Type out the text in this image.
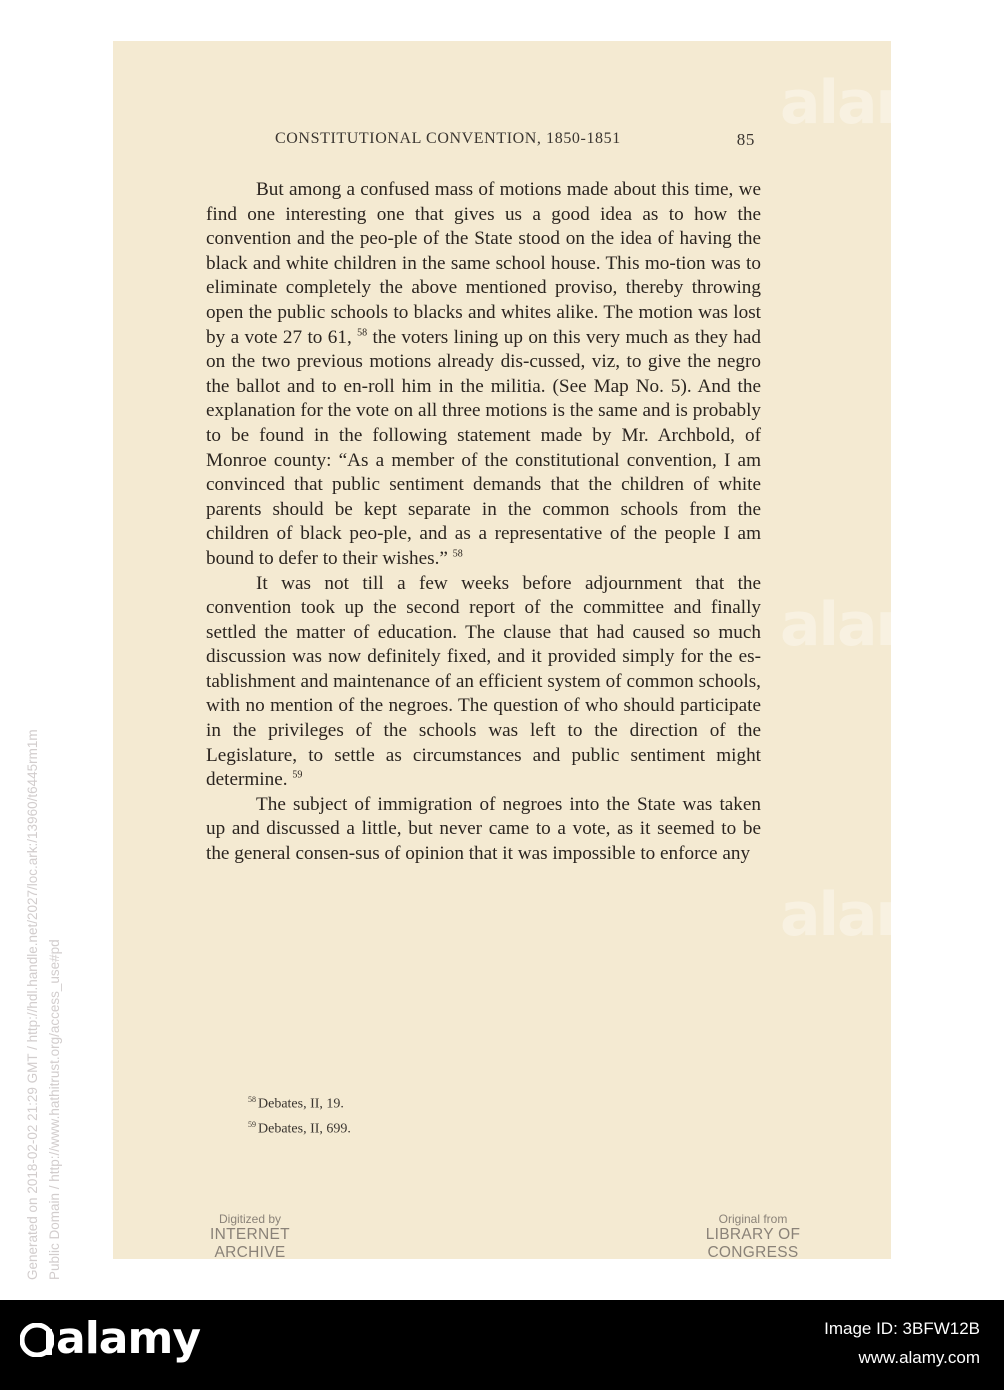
CONSTITUTIONAL CONVENTION, 1850-1851	85

But among a confused mass of motions made about this time, we find one interesting one that gives us a good idea as to how the convention and the peo-ple of the State stood on the idea of having the black and white children in the same school house. This mo-tion was to eliminate completely the above mentioned proviso, thereby throwing open the public schools to blacks and whites alike. The motion was lost by a vote 27 to 61, $^{58}$ the voters lining up on this very much as they had on the two previous motions already dis-cussed, viz, to give the negro the ballot and to en-roll him in the militia. (See Map No. 5). And the explanation for the vote on all three motions is the same and is probably to be found in the following statement made by Mr. Archbold, of Monroe county: “As a member of the constitutional convention, I am convinced that public sentiment demands that the children of white parents should be kept separate in the common schools from the children of black peo-ple, and as a representative of the people I am bound to defer to their wishes.” $^{58}$

It was not till a few weeks before adjournment that the convention took up the second report of the committee and finally settled the matter of education. The clause that had caused so much discussion was now definitely fixed, and it provided simply for the es-tablishment and maintenance of an efficient system of common schools, with no mention of the negroes. The question of who should participate in the privileges of the schools was left to the direction of the Legislature, to settle as circumstances and public sentiment might determine. $^{59}$

The subject of immigration of negroes into the State was taken up and discussed a little, but never came to a vote, as it seemed to be the general consen-sus of opinion that it was impossible to enforce any

$^{58}$ Debates, II, 19.
$^{59}$ Debates, II, 699.
Digitized by
INTERNET ARCHIVE
Original from
LIBRARY OF CONGRESS
Generated on 2018-02-02 21:29 GMT / http://hdl.handle.net/2027/loc.ark:/13960/t6445rm1m Public Domain / http://www.hathitrust.org/access_use#pd
alamy
alamy
alamy
alamy	Image ID: 3BFW12B
www.alamy.com
